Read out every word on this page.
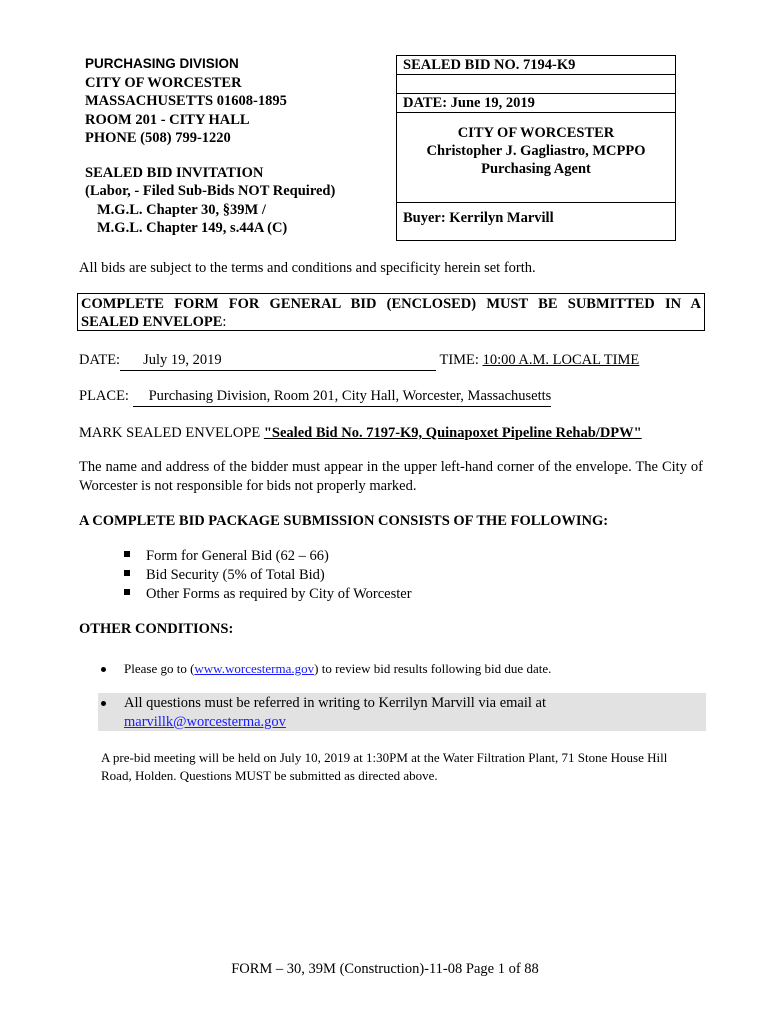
PURCHASING DIVISION
CITY OF WORCESTER
MASSACHUSETTS 01608-1895
ROOM 201 - CITY HALL
PHONE (508) 799-1220
SEALED BID INVITATION
(Labor, - Filed Sub-Bids NOT Required)
M.G.L. Chapter 30, §39M /
M.G.L. Chapter 149, s.44A (C)
SEALED BID NO. 7194-K9
DATE: June 19, 2019
CITY OF WORCESTER
Christopher J. Gagliastro, MCPPO
Purchasing Agent
Buyer: Kerrilyn Marvill
All bids are subject to the terms and conditions and specificity herein set forth.
COMPLETE FORM FOR GENERAL BID (ENCLOSED) MUST BE SUBMITTED IN A
SEALED ENVELOPE:
DATE: July 19, 2019	TIME: 10:00 A.M. LOCAL TIME
PLACE: Purchasing Division, Room 201, City Hall, Worcester, Massachusetts
MARK SEALED ENVELOPE "Sealed Bid No. 7197-K9, Quinapoxet Pipeline Rehab/DPW"
The name and address of the bidder must appear in the upper left-hand corner of the envelope. The City of Worcester is not responsible for bids not properly marked.
A COMPLETE BID PACKAGE SUBMISSION CONSISTS OF THE FOLLOWING:
Form for General Bid (62 – 66)
Bid Security (5% of Total Bid)
Other Forms as required by City of Worcester
OTHER CONDITIONS:
Please go to (www.worcesterma.gov) to review bid results following bid due date.
All questions must be referred in writing to Kerrilyn Marvill via email at
marvillk@worcesterma.gov
A pre-bid meeting will be held on July 10, 2019 at 1:30PM at the Water Filtration Plant, 71 Stone House Hill
Road, Holden. Questions MUST be submitted as directed above.
FORM – 30, 39M (Construction)-11-08 Page 1 of 88
